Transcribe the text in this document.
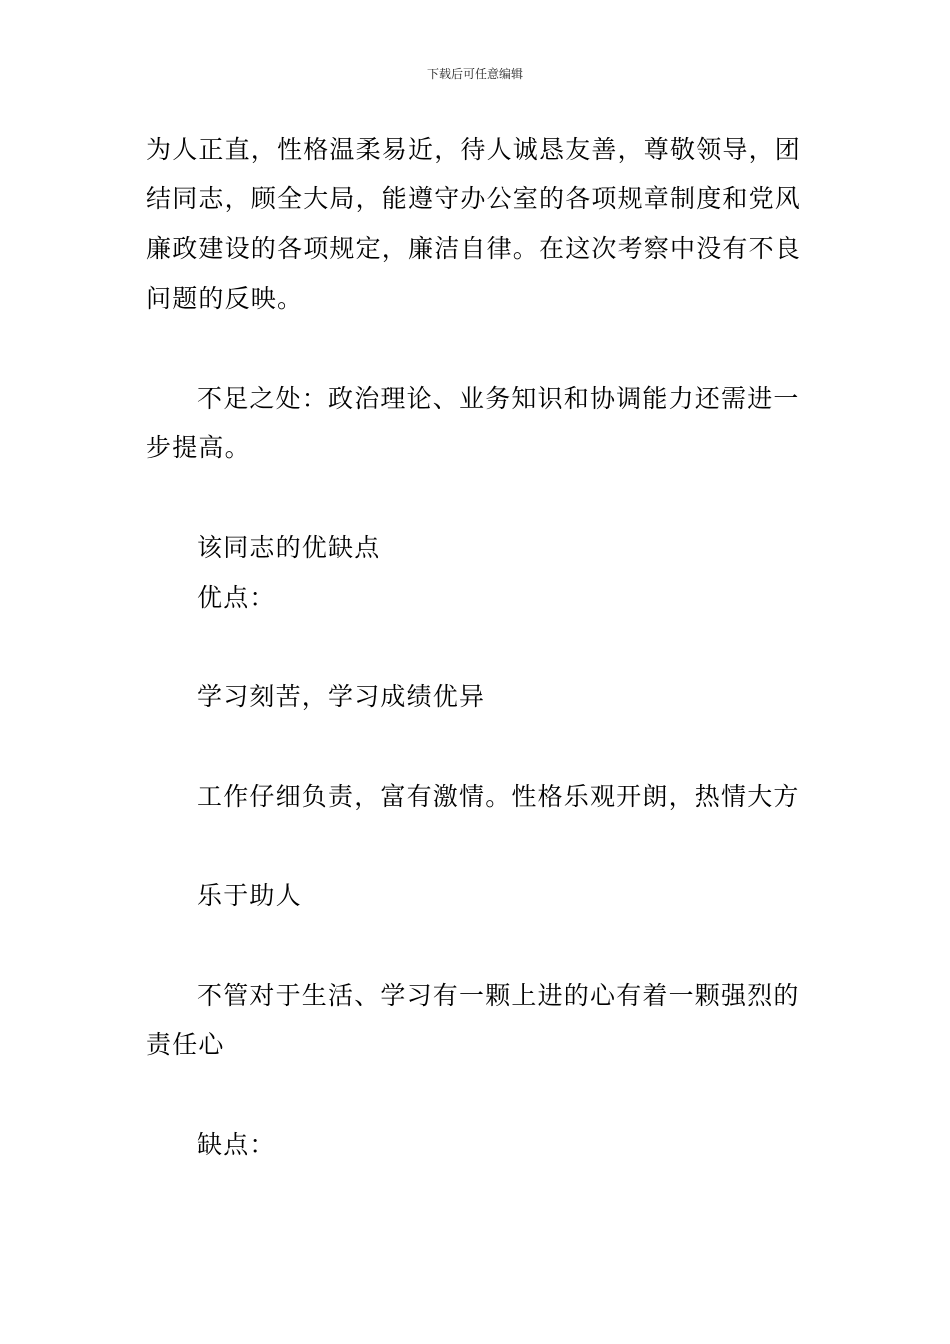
下载后可任意编辑
为人正直，性格温柔易近，待人诚恳友善，尊敬领导，团
结同志，顾全大局，能遵守办公室的各项规章制度和党风
廉政建设的各项规定，廉洁自律。在这次考察中没有不良
问题的反映。
不足之处：政治理论、业务知识和协调能力还需进一
步提高。
该同志的优缺点
优点：
学习刻苦，学习成绩优异
工作仔细负责，富有激情。性格乐观开朗，热情大方
乐于助人
不管对于生活、学习有一颗上进的心有着一颗强烈的
责任心
缺点：
